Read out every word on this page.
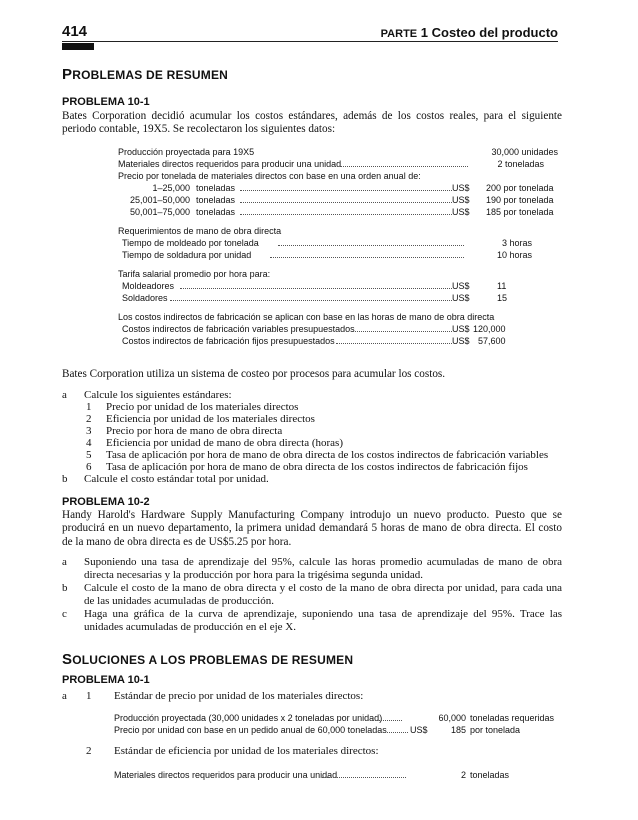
414	PARTE 1 Costeo del producto
PROBLEMAS DE RESUMEN
PROBLEMA 10-1
Bates Corporation decidió acumular los costos estándares, además de los costos reales, para el siguiente periodo contable, 19X5. Se recolectaron los siguientes datos:
Producción proyectada para 19X5	30,000 unidades
Materiales directos requeridos para producir una unidad	2 toneladas
Precio por tonelada de materiales directos con base en una orden anual de:
1–25,000 toneladas	US$ 200 por tonelada
25,001–50,000 toneladas	US$ 190 por tonelada
50,001–75,000 toneladas	US$ 185 por tonelada
Requerimientos de mano de obra directa
Tiempo de moldeado por tonelada	3 horas
Tiempo de soldadura por unidad	10 horas
Tarifa salarial promedio por hora para:
Moldeadores	US$	11
Soldadores	US$	15
Los costos indirectos de fabricación se aplican con base en las horas de mano de obra directa
Costos indirectos de fabricación variables presupuestados	US$ 120,000
Costos indirectos de fabricación fijos presupuestados	US$ 57,600
Bates Corporation utiliza un sistema de costeo por procesos para acumular los costos.
a Calcule los siguientes estándares:
1 Precio por unidad de los materiales directos
2 Eficiencia por unidad de los materiales directos
3 Precio por hora de mano de obra directa
4 Eficiencia por unidad de mano de obra directa (horas)
5 Tasa de aplicación por hora de mano de obra directa de los costos indirectos de fabricación variables
6 Tasa de aplicación por hora de mano de obra directa de los costos indirectos de fabricación fijos
b Calcule el costo estándar total por unidad.
PROBLEMA 10-2
Handy Harold's Hardware Supply Manufacturing Company introdujo un nuevo producto. Puesto que se producirá en un nuevo departamento, la primera unidad demandará 5 horas de mano de obra directa. El costo de la mano de obra directa es de US$5.25 por hora.
a Suponiendo una tasa de aprendizaje del 95%, calcule las horas promedio acumuladas de mano de obra directa necesarias y la producción por hora para la trigésima segunda unidad.
b Calcule el costo de la mano de obra directa y el costo de la mano de obra directa por unidad, para cada una de las unidades acumuladas de producción.
c Haga una gráfica de la curva de aprendizaje, suponiendo una tasa de aprendizaje del 95%. Trace las unidades acumuladas de producción en el eje X.
SOLUCIONES A LOS PROBLEMAS DE RESUMEN
PROBLEMA 10-1
a 1 Estándar de precio por unidad de los materiales directos:
Producción proyectada (30,000 unidades x 2 toneladas por unidad)	60,000 toneladas requeridas
Precio por unidad con base en un pedido anual de 60,000 toneladas	US$	185 por tonelada
2 Estándar de eficiencia por unidad de los materiales directos:
Materiales directos requeridos para producir una unidad	2 toneladas
